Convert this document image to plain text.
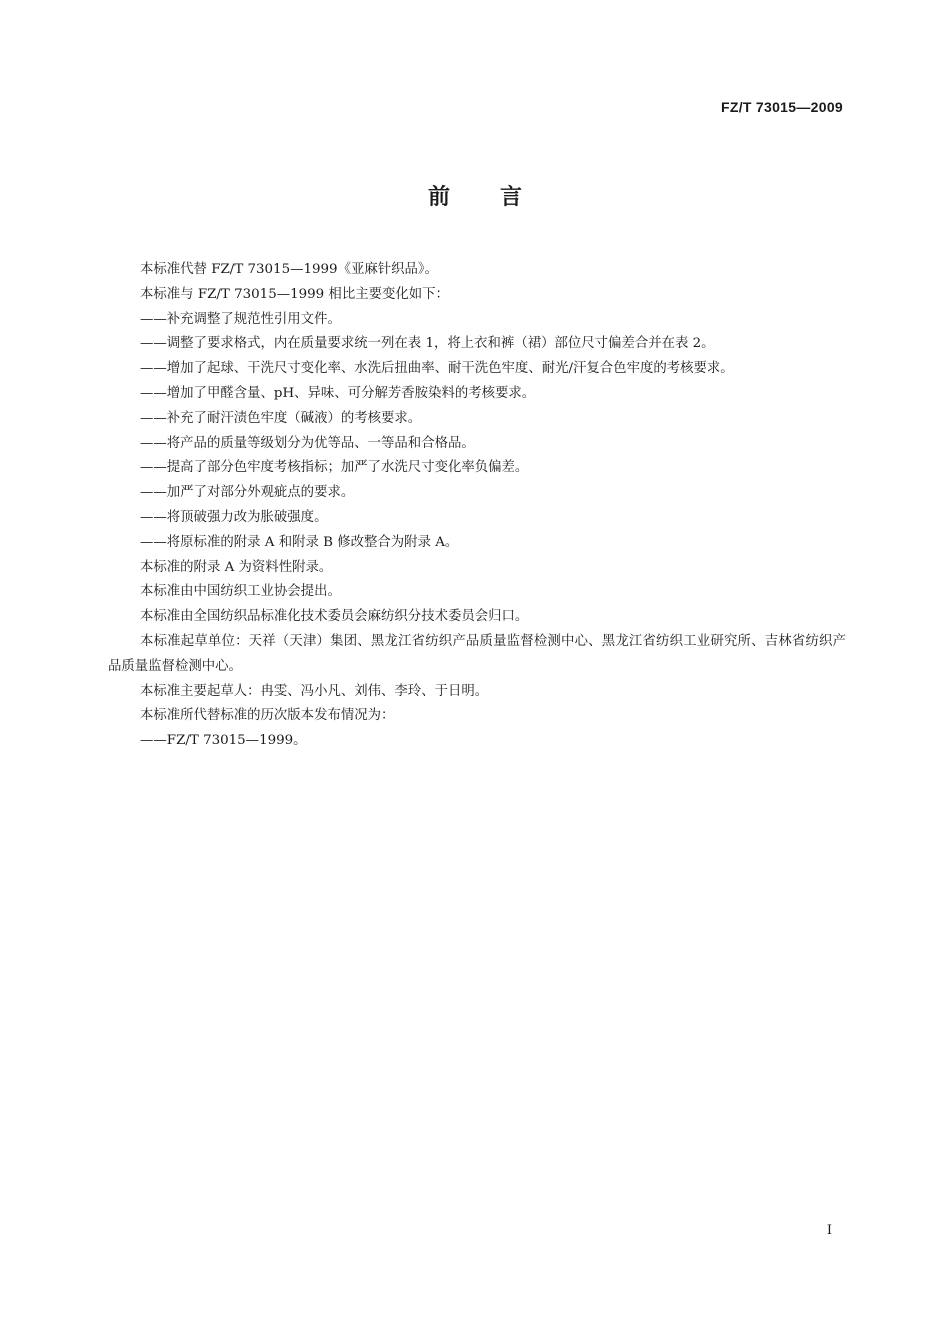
FZ/T 73015—2009
前言

本标准代替 FZ/T 73015—1999《亚麻针织品》。

本标准与 FZ/T 73015—1999 相比主要变化如下：

——补充调整了规范性引用文件。

——调整了要求格式，内在质量要求统一列在表 1，将上衣和裤（裙）部位尺寸偏差合并在表 2。

——增加了起球、干洗尺寸变化率、水洗后扭曲率、耐干洗色牢度、耐光/汗复合色牢度的考核要求。

——增加了甲醛含量、pH、异味、可分解芳香胺染料的考核要求。

——补充了耐汗渍色牢度（碱液）的考核要求。

——将产品的质量等级划分为优等品、一等品和合格品。

——提高了部分色牢度考核指标；加严了水洗尺寸变化率负偏差。

——加严了对部分外观疵点的要求。

——将顶破强力改为胀破强度。

——将原标准的附录 A 和附录 B 修改整合为附录 A。

本标准的附录 A 为资料性附录。

本标准由中国纺织工业协会提出。

本标准由全国纺织品标准化技术委员会麻纺织分技术委员会归口。

本标准起草单位：天祥（天津）集团、黑龙江省纺织产品质量监督检测中心、黑龙江省纺织工业研究所、吉林省纺织产品质量监督检测中心。

本标准主要起草人：冉雯、冯小凡、刘伟、李玲、于日明。

本标准所代替标准的历次版本发布情况为：

——FZ/T 73015—1999。

I
